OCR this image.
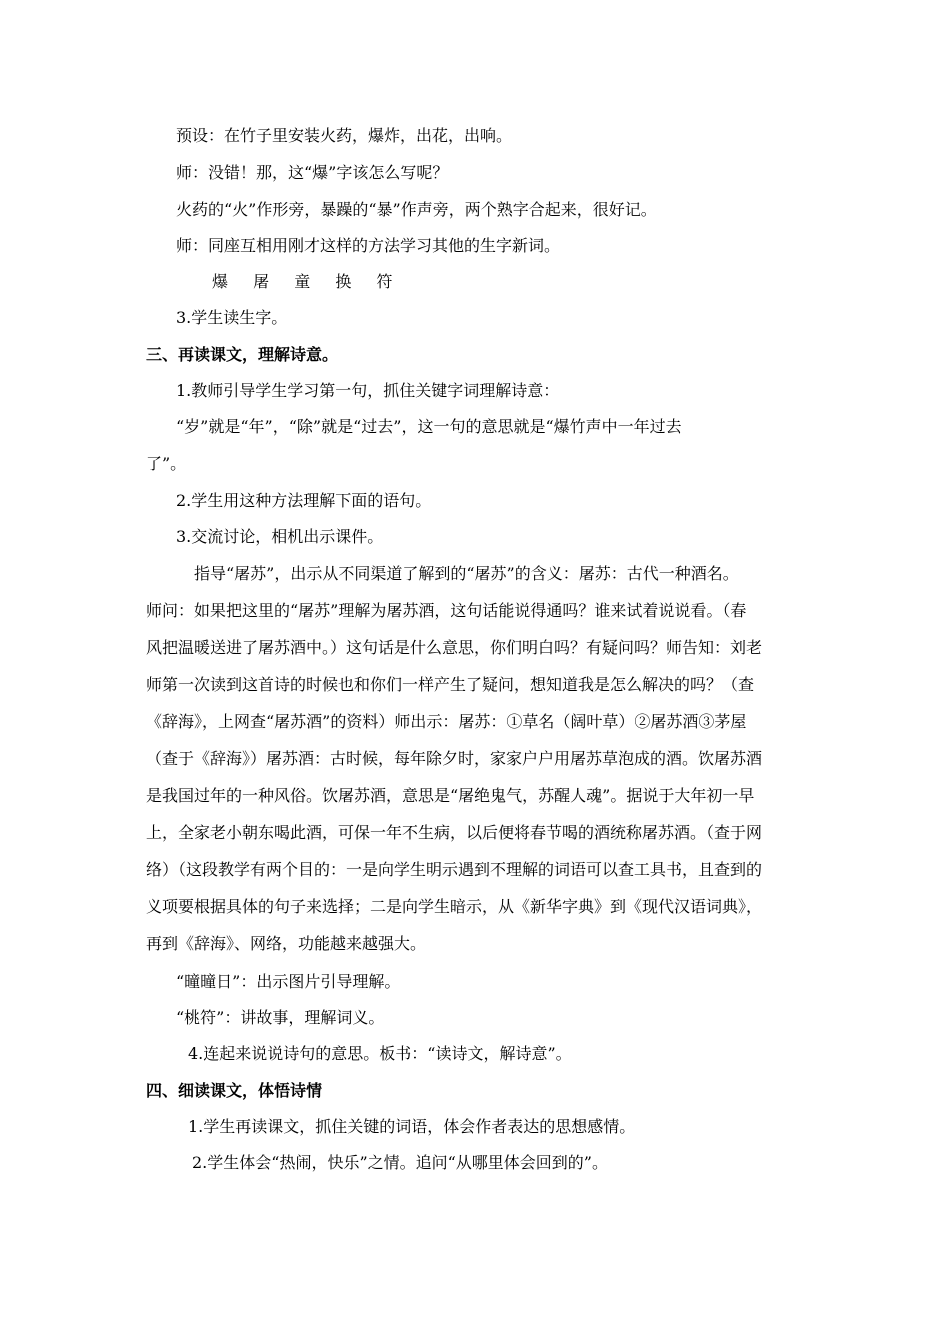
预设：在竹子里安装火药，爆炸，出花，出响。
师：没错！那，这“爆”字该怎么写呢？
火药的“火”作形旁，暴躁的“暴”作声旁，两个熟字合起来，很好记。
师：同座互相用刚才这样的方法学习其他的生字新词。
爆 屠 童 换 符
3.学生读生字。
三、再读课文，理解诗意。
1.教师引导学生学习第一句，抓住关键字词理解诗意：
“岁”就是“年”，“除”就是“过去”，这一句的意思就是“爆竹声中一年过去
了”。
2.学生用这种方法理解下面的语句。
3.交流讨论，相机出示课件。
指导“屠苏”，出示从不同渠道了解到的“屠苏”的含义：屠苏：古代一种酒名。
师问：如果把这里的“屠苏”理解为屠苏酒，这句话能说得通吗？谁来试着说说看。（春
风把温暖送进了屠苏酒中。）这句话是什么意思，你们明白吗？有疑问吗？师告知：刘老
师第一次读到这首诗的时候也和你们一样产生了疑问，想知道我是怎么解决的吗？（查
《辞海》，上网查“屠苏酒”的资料）师出示：屠苏：①草名（阔叶草）②屠苏酒③茅屋
（查于《辞海》）屠苏酒：古时候，每年除夕时，家家户户用屠苏草泡成的酒。饮屠苏酒
是我国过年的一种风俗。饮屠苏酒，意思是“屠绝鬼气，苏醒人魂”。据说于大年初一早
上，全家老小朝东喝此酒，可保一年不生病，以后便将春节喝的酒统称屠苏酒。（查于网
络）（这段教学有两个目的：一是向学生明示遇到不理解的词语可以查工具书，且查到的
义项要根据具体的句子来选择；二是向学生暗示，从《新华字典》到《现代汉语词典》，
再到《辞海》、网络，功能越来越强大。
“曈曈日”：出示图片引导理解。
“桃符”：讲故事，理解词义。
4.连起来说说诗句的意思。板书：“读诗文，解诗意”。
四、细读课文，体悟诗情
1.学生再读课文，抓住关键的词语，体会作者表达的思想感情。
2.学生体会“热闹，快乐”之情。追问“从哪里体会回到的”。
